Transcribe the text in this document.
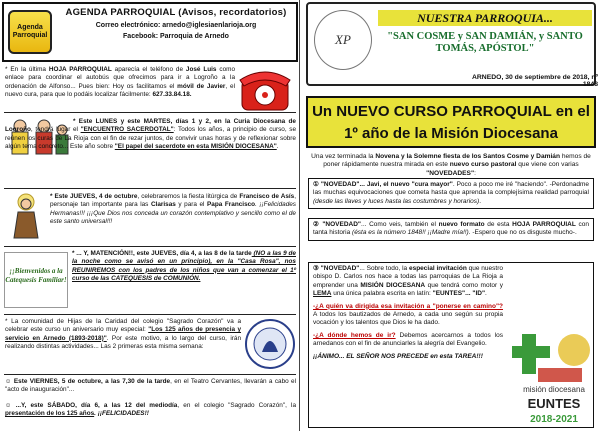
Agenda
Parroquial
AGENDA PARROQUIAL (Avisos, recordatorios)
Correo electrónico: arnedo@iglesiaenlarioja.org
Facebook: Parroquia de Arnedo
* En la última HOJA PARROQUIAL aparecía el teléfono de José Luis como enlace para coordinar el autobús que ofrecimos para ir a Logroño a la ordenación de Alfonso... Pues bien: Hoy os facilitamos el móvil de Javier, el nuevo cura, para que lo podáis localizar fácilmente: 627.33.84.18.
* Este LUNES y este MARTES, días 1 y 2, en la Curia Diocesana de Logroño, tendrá lugar el "ENCUENTRO SACERDOTAL": Todos los años, a principio de curso, se reúnen los curas de La Rioja con el fin de rezar juntos, de convivir unas horas y de reflexionar sobre algún tema concreto... Este año sobre "El papel del sacerdote en esta MISIÓN DIOCESANA".
* Este JUEVES, 4 de octubre, celebraremos la fiesta litúrgica de Francisco de Asís, personaje tan importante para las Clarisas y para el Papa Francisco. ¡¡Felicidades Hermanas!!! ¡¡¡Que Dios nos conceda un corazón contemplativo y sencillo como el de este santo universal!!!
¡¡Bienvenidos a la Catequesis Familiar!
* ... Y, MATENCIÓN!!, este JUEVES, día 4, a las 8 de la tarde (NO a las 9 de la noche como se avisó en un principio), en la "Casa Rosa", nos REUNIREMOS con los padres de los niños que van a comenzar el 1º curso de las CATEQUESIS de COMUNIÓN.
* La comunidad de Hijas de la Caridad del colegio "Sagrado Corazón" va a celebrar este curso un aniversario muy especial: "Los 125 años de presencia y servicio en Arnedo (1893-2018)". Por este motivo, a lo largo del curso, irán realizando distintas actividades... Las 2 primeras esta misma semana:
☺ Este VIERNES, 5 de octubre, a las 7,30 de la tarde, en el Teatro Cervantes, llevarán a cabo el "acto de inauguración"...
☺ ...Y, este SÁBADO, día 6, a las 12 del mediodía, en el colegio "Sagrado Corazón", la presentación de los 125 años. ¡¡FELICIDADES!!
XP
NUESTRA PARROQUIA...
"SAN COSME y SAN DAMIÁN, y SANTO TOMÁS, APÓSTOL"
ARNEDO, 30 de septiembre de 2018, nº 1848
Un NUEVO CURSO PARROQUIAL en el 1º año de la Misión Diocesana
Una vez terminada la Novena y la Solemne fiesta de los Santos Cosme y Damián hemos de poner rápidamente nuestra mirada en este nuevo curso pastoral que viene con varias "NOVEDADES":
① "NOVEDAD"... Javi, el nuevo "cura mayor". Poco a poco me iré "haciendo". -Perdonadme las muchas equivocaciones que cometa hasta que aprenda la complejísima realidad parroquial (desde las llaves y luces hasta las costumbres y horarios).
② "NOVEDAD"... Como veis, también el nuevo formato de esta HOJA PARROQUIAL con tanta historia (ésta es la número 1848!! ¡¡Madre mía!!). -Espero que no os disguste mucho-.
③ "NOVEDAD"... Sobre todo, la especial invitación que nuestro obispo D. Carlos nos hace a todas las parroquias de La Rioja a emprender una MISIÓN DIOCESANA que tendrá como motor y LEMA una única palabra escrita en latín: "EUNTES"... "ID".
-¿A quién va dirigida esa invitación a "ponerse en camino"? A todos los bautizados de Arnedo, a cada uno según su propia vocación y los talentos que Dios le ha dado.
-¿A dónde hemos de ir? Debemos acercarnos a todos los arnedanos con el fin de anunciarles la alegría del Evangelio.
¡¡ÁNIMO... EL SEÑOR NOS PRECEDE en esta TAREA!!!
misión diocesana
EUNTES
2018-2021
